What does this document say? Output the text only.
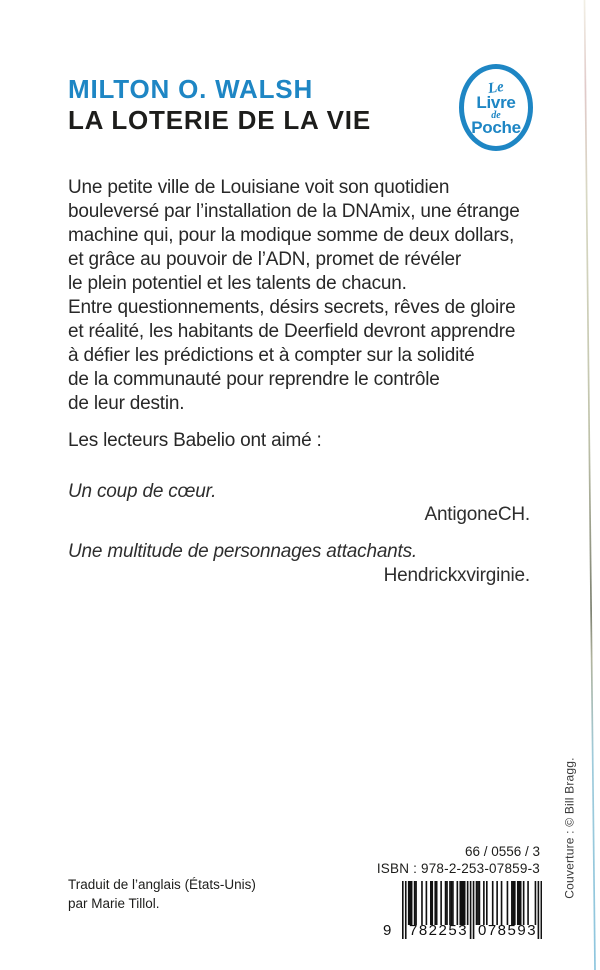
MILTON O. WALSH
LA LOTERIE DE LA VIE
Le
Livre
de
Poche
Une petite ville de Louisiane voit son quotidien
bouleversé par l’installation de la DNAmix, une étrange
machine qui, pour la modique somme de deux dollars,
et grâce au pouvoir de l’ADN, promet de révéler
le plein potentiel et les talents de chacun.
Entre questionnements, désirs secrets, rêves de gloire
et réalité, les habitants de Deerfield devront apprendre
à défier les prédictions et à compter sur la solidité
de la communauté pour reprendre le contrôle
de leur destin.
Les lecteurs Babelio ont aimé :
Un coup de cœur.
AntigoneCH.
Une multitude de personnages attachants.
Hendrickxvirginie.
Traduit de l’anglais (États-Unis)
par Marie Tillol.
66 / 0556 / 3
ISBN : 978-2-253-07859-3
9 782253 078593
Couverture : © Bill Bragg.
